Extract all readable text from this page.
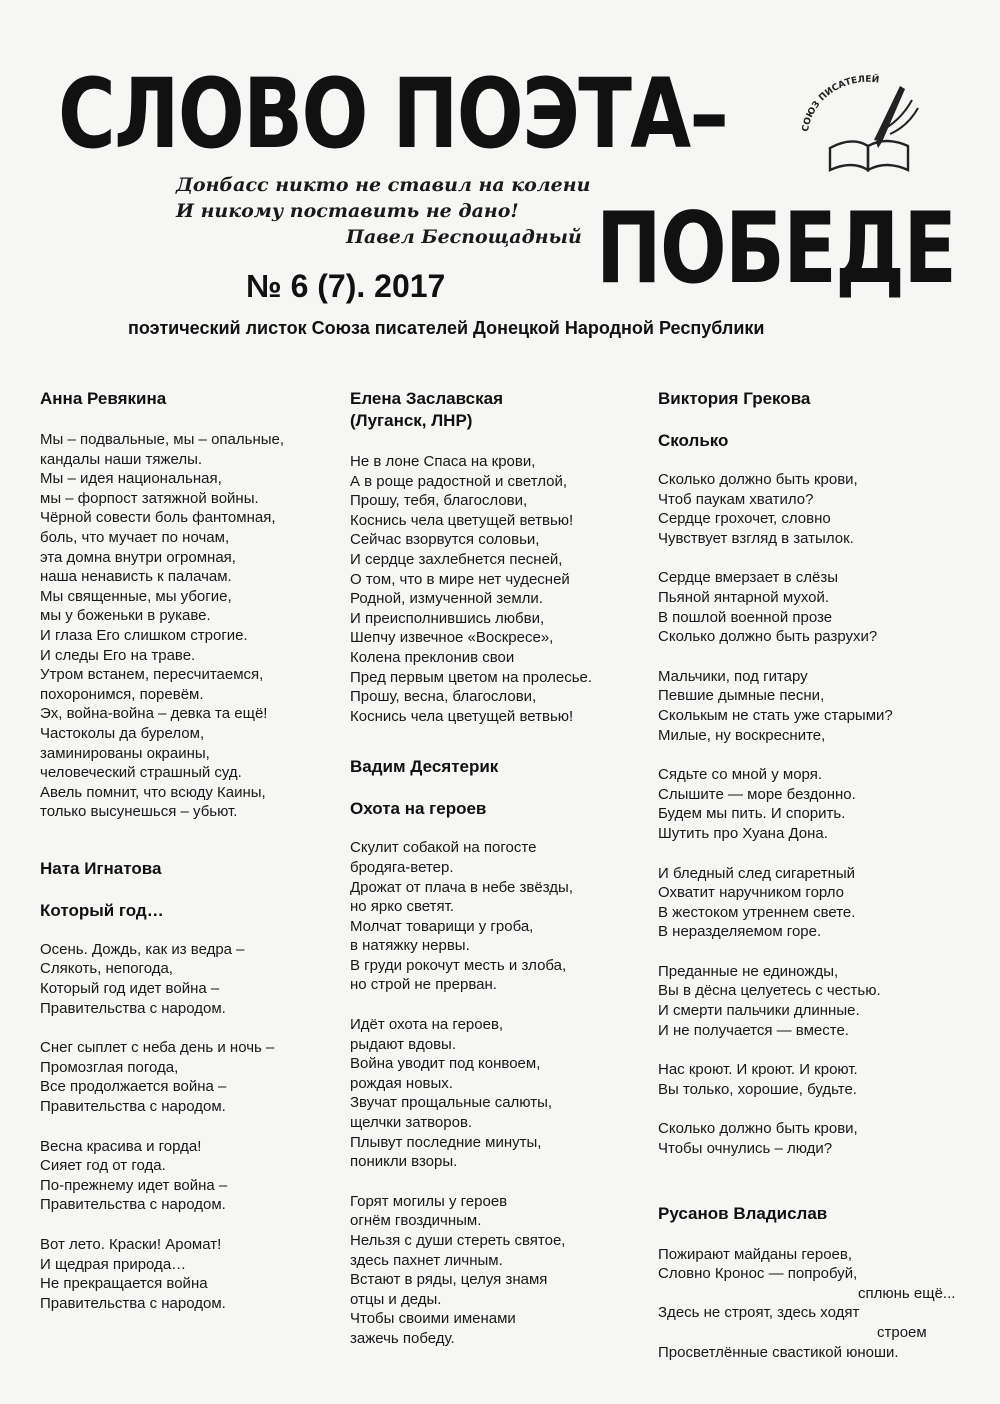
СЛОВО ПОЭТА–
ПОБЕДЕ
Донбасс никто не ставил на колени
И никому поставить не дано!
Павел Беспощадный
№ 6 (7). 2017
поэтический листок Союза писателей Донецкой Народной Республики
СОЮЗ ПИСАТЕЛЕЙ
Анна Ревякина
Мы – подвальные, мы – опальные,
кандалы наши тяжелы.
Мы – идея национальная,
мы – форпост затяжной войны.
Чёрной совести боль фантомная,
боль, что мучает по ночам,
эта домна внутри огромная,
наша ненависть к палачам.
Мы священные, мы убогие,
мы у боженьки в рукаве.
И глаза Его слишком строгие.
И следы Его на траве.
Утром встанем, пересчитаемся,
похоронимся, поревём.
Эх, война-война – девка та ещё!
Частоколы да бурелом,
заминированы окраины,
человеческий страшный суд.
Авель помнит, что всюду Каины,
только высунешься – убьют.
Ната Игнатова
Который год…
Осень. Дождь, как из ведра –
Слякоть, непогода,
Который год идет война –
Правительства с народом.
Снег сыплет с неба день и ночь –
Промозглая погода,
Все продолжается война –
Правительства с народом.
Весна красива и горда!
Сияет год от года.
По-прежнему идет война –
Правительства с народом.
Вот лето. Краски! Аромат!
И щедрая природа…
Не прекращается война
Правительства с народом.
Елена Заславская
(Луганск, ЛНР)
Не в лоне Спаса на крови,
А в роще радостной и светлой,
Прошу, тебя, благослови,
Коснись чела цветущей ветвью!
Сейчас взорвутся соловьи,
И сердце захлебнется песней,
О том, что в мире нет чудесней
Родной, измученной земли.
И преисполнившись любви,
Шепчу извечное «Воскресе»,
Колена преклонив свои
Пред первым цветом на пролесье.
Прошу, весна, благослови,
Коснись чела цветущей ветвью!
Вадим Десятерик
Охота на героев
Скулит собакой на погосте
бродяга-ветер.
Дрожат от плача в небе звёзды,
но ярко светят.
Молчат товарищи у гроба,
в натяжку нервы.
В груди рокочут месть и злоба,
но строй не прерван.
Идёт охота на героев,
рыдают вдовы.
Война уводит под конвоем,
рождая новых.
Звучат прощальные салюты,
щелчки затворов.
Плывут последние минуты,
поникли взоры.
Горят могилы у героев
огнём гвоздичным.
Нельзя с души стереть святое,
здесь пахнет личным.
Встают в ряды, целуя знамя
отцы и деды.
Чтобы своими именами
зажечь победу.
Виктория Грекова
Сколько
Сколько должно быть крови,
Чтоб паукам хватило?
Сердце грохочет, словно
Чувствует взгляд в затылок.
Сердце вмерзает в слёзы
Пьяной янтарной мухой.
В пошлой военной прозе
Сколько должно быть разрухи?
Мальчики, под гитару
Певшие дымные песни,
Сколькым не стать уже старыми?
Милые, ну воскресните,
Сядьте со мной у моря.
Слышите — море бездонно.
Будем мы пить. И спорить.
Шутить про Хуана Дона.
И бледный след сигаретный
Охватит наручником горло
В жестоком утреннем свете.
В неразделяемом горе.
Преданные не единожды,
Вы в дёсна целуетесь с честью.
И смерти пальчики длинные.
И не получается — вместе.
Нас кроют. И кроют. И кроют.
Вы только, хорошие, будьте.
Сколько должно быть крови,
Чтобы очнулись – люди?
Русанов Владислав
Пожирают майданы героев,
Словно Кронос — попробуй,
сплюнь ещё...
Здесь не строят, здесь ходят
строем
Просветлённые свастикой юноши.
